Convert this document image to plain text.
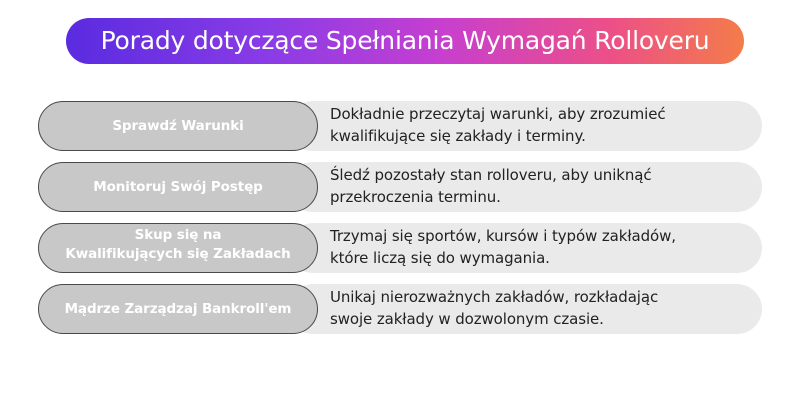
Porady dotyczące Spełniania Wymagań Rolloveru
Dokładnie przeczytaj warunki, aby zrozumieć
kwalifikujące się zakłady i terminy.
Sprawdź Warunki
Śledź pozostały stan rolloveru, aby uniknąć
przekroczenia terminu.
Monitoruj Swój Postęp
Trzymaj się sportów, kursów i typów zakładów,
które liczą się do wymagania.
Skup się na
Kwalifikujących się Zakładach
Unikaj nierozważnych zakładów, rozkładając
swoje zakłady w dozwolonym czasie.
Mądrze Zarządzaj Bankroll'em
